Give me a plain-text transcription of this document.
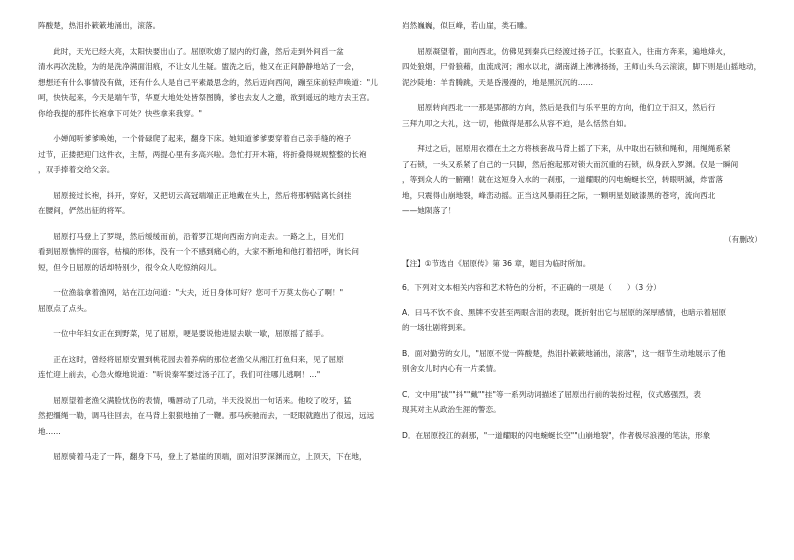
阵酸楚，热泪扑簌簌地涌出，滚落。

　　此时，天光已经大亮，太阳快要出山了。屈原吹熄了屋内的灯盏，然后走到外间舀一盆
清水再次洗脸，为的是洗净满面泪痕，不让女儿生疑。盥洗之后，他又在正间静静地站了一会，
想想还有什么事情没有做，还有什么人是自己平素最思念的，然后迈向西间，蹦至床前轻声唤道："儿
呵，快快起来，今天是端午节，华夏大地处处皆祭图腾，爹也去友人之邀，欲到遥远的地方去王宫。
你给我提的那件长袍拿下可处？快些拿来我穿。"

　　小婵闻听爹爹唤她，一个骨碌爬了起来，翻身下床。她知道爹爹要穿着自己亲手缝的袍子
过节，正搂把迎门这件衣，主帮，两提心里有多高兴啦。急忙打开木箱，将折叠得规规整整的长袍
，双手捧着交给父亲。

　　屈原接过长袍，抖开，穿好，又把切云高冠端端正正地戴在头上，然后将那柄陆离长剑挂
在腰间，俨然出征的将军。

　　屈原打马登上了罗堤，然后缓缓而前，沿着罗江堤向西南方向走去。一路之上，目光们
看到屈原憔悴的面容，枯槁的形体，没有一个不感到痛心的，大家不断地和他打着招呼，询长问
短，但今日屈原的话却特别少，很令众人吃惊纳闷儿。

　　一位渔翁拿着渔网，站在江边问道："大夫，近日身体可好？您可千万莫太伤心了啊！"
屈原点了点头。

　　一位中年妇女正在到野菜，见了屈原，哽是要说他进屋去歇一歇，屈原摇了摇手。

　　正在这时，曾经将屈原安置到桃花园去着养病的那位老渔父从湘江打鱼归来，见了屈原
连忙迎上前去，心急火燎地说道："听说秦军要过汤子江了，我们可往哪儿逃啊！…"

　　屈原望着老渔父满脸忧伤的表情，嘴唇动了几动，半天没说出一句话来。他咬了咬牙，猛
然把缰绳一勒，调马往回去，在马背上狠狠地抽了一鞭。那马疾驰而去，一眨眼就跑出了很远，远远地……

　　屈原骑着马走了一阵，翻身下马，登上了悬崖的顶端，面对汨罗深渊而立，上顶天，下在地，

岿然巍巍，似巨峰，若山崖，类石雕。

　　屈原凝望着，面向西北，仿佛见到秦兵已经渡过扬子江，长驱直入，往南方奔来，遍地烽火，
四处狼烟，尸骨狼藉，血流成河；湘水以北，湖南湖上沸沸扬扬，王师山头乌云滚滚，脚下则是山摇地动，
泥沙陡地：羊肯腾跳，天是昏漫漫的，地是黑沉沉的……

　　屈原转向西北一一那是郢都的方向，然后是我们与乐平里的方向，他们立于汨又，然后行
三拜九叩之大礼，这一切，他做得是那么从容不迫，是么恬然自如。

　　拜过之后，屈原用衣襟在土之方将核套战马背上摇了下来，从中取出石锁和绳和，用绳绳系紧
了石锁，一头又系紧了自己的一只脚，然后抱起那对锁大而沉重的石锁，纵身跃入罗渊。仅是一瞬间
，等到众人的一腑剛！就在这短身入水的一刹那，一道耀眼的闪电蜿蜒长空，转眼明滅，炸雷落
地，只震得山崩地裂，峰峦动摇。正当这风暴雨狂之际，一颗明星划破漆黑的苍穹，流向西北
——她陨落了！

（有删改）

【注】①节选自《屈原传》第 36 章，题目为临时所加。

6．下列对文本相关内容和艺术特色的分析，不正确的一项是（　　）（3 分）

A．曰马不饮不食、黑牌不安甚至两眼含泪的表现，既折射出它与屈原的深厚感情，也暗示着屈原
的一场壮剧将到来。

B．面对勤劳的女儿，"屈原不觉一阵酸楚，热泪扑簌簌地涌出，滚落"，这一细节生动地展示了他
别舍女儿时内心有一片柔情。

C．文中用"拔""抖""戴""挂"等一系列动词描述了屈原出行前的装扮过程，仪式感强烈，表
现其对主从政治生涯的警恋。

D．在屈原投江的刹那，"一道耀眼的闪电蜿蜒长空""山崩地裂"，作者极尽浪漫的笔法，形象
